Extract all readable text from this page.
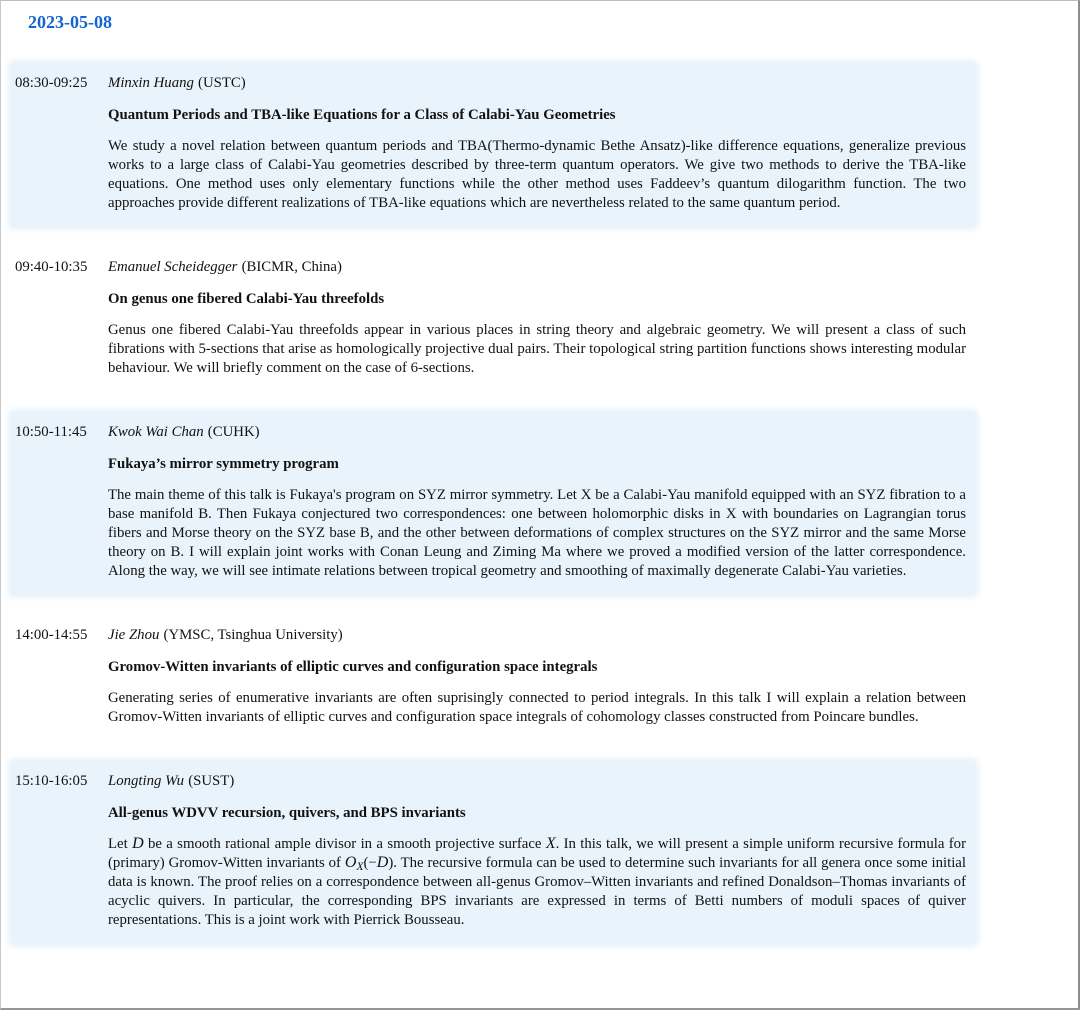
2023-05-08
08:30-09:25	Minxin Huang (USTC)

Quantum Periods and TBA-like Equations for a Class of Calabi-Yau Geometries

We study a novel relation between quantum periods and TBA(Thermo-dynamic Bethe Ansatz)-like difference equations, generalize previous works to a large class of Calabi-Yau geometries described by three-term quantum operators. We give two methods to derive the TBA-like equations. One method uses only elementary functions while the other method uses Faddeev’s quantum dilogarithm function. The two approaches provide different realizations of TBA-like equations which are nevertheless related to the same quantum period.

09:40-10:35	Emanuel Scheidegger (BICMR, China)

On genus one fibered Calabi-Yau threefolds

Genus one fibered Calabi-Yau threefolds appear in various places in string theory and algebraic geometry. We will present a class of such fibrations with 5-sections that arise as homologically projective dual pairs. Their topological string partition functions shows interesting modular behaviour. We will briefly comment on the case of 6-sections.

10:50-11:45	Kwok Wai Chan (CUHK)

Fukaya’s mirror symmetry program

The main theme of this talk is Fukaya's program on SYZ mirror symmetry. Let X be a Calabi-Yau manifold equipped with an SYZ fibration to a base manifold B. Then Fukaya conjectured two correspondences: one between holomorphic disks in X with boundaries on Lagrangian torus fibers and Morse theory on the SYZ base B, and the other between deformations of complex structures on the SYZ mirror and the same Morse theory on B. I will explain joint works with Conan Leung and Ziming Ma where we proved a modified version of the latter correspondence. Along the way, we will see intimate relations between tropical geometry and smoothing of maximally degenerate Calabi-Yau varieties.

14:00-14:55	Jie Zhou (YMSC, Tsinghua University)

Gromov-Witten invariants of elliptic curves and configuration space integrals

Generating series of enumerative invariants are often suprisingly connected to period integrals. In this talk I will explain a relation between Gromov-Witten invariants of elliptic curves and configuration space integrals of cohomology classes constructed from Poincare bundles.

15:10-16:05	Longting Wu (SUST)

All-genus WDVV recursion, quivers, and BPS invariants

Let D be a smooth rational ample divisor in a smooth projective surface X. In this talk, we will present a simple uniform recursive formula for (primary) Gromov-Witten invariants of $O_X(-D)$. The recursive formula can be used to determine such invariants for all genera once some initial data is known. The proof relies on a correspondence between all-genus Gromov–Witten invariants and refined Donaldson–Thomas invariants of acyclic quivers. In particular, the corresponding BPS invariants are expressed in terms of Betti numbers of moduli spaces of quiver representations. This is a joint work with Pierrick Bousseau.
